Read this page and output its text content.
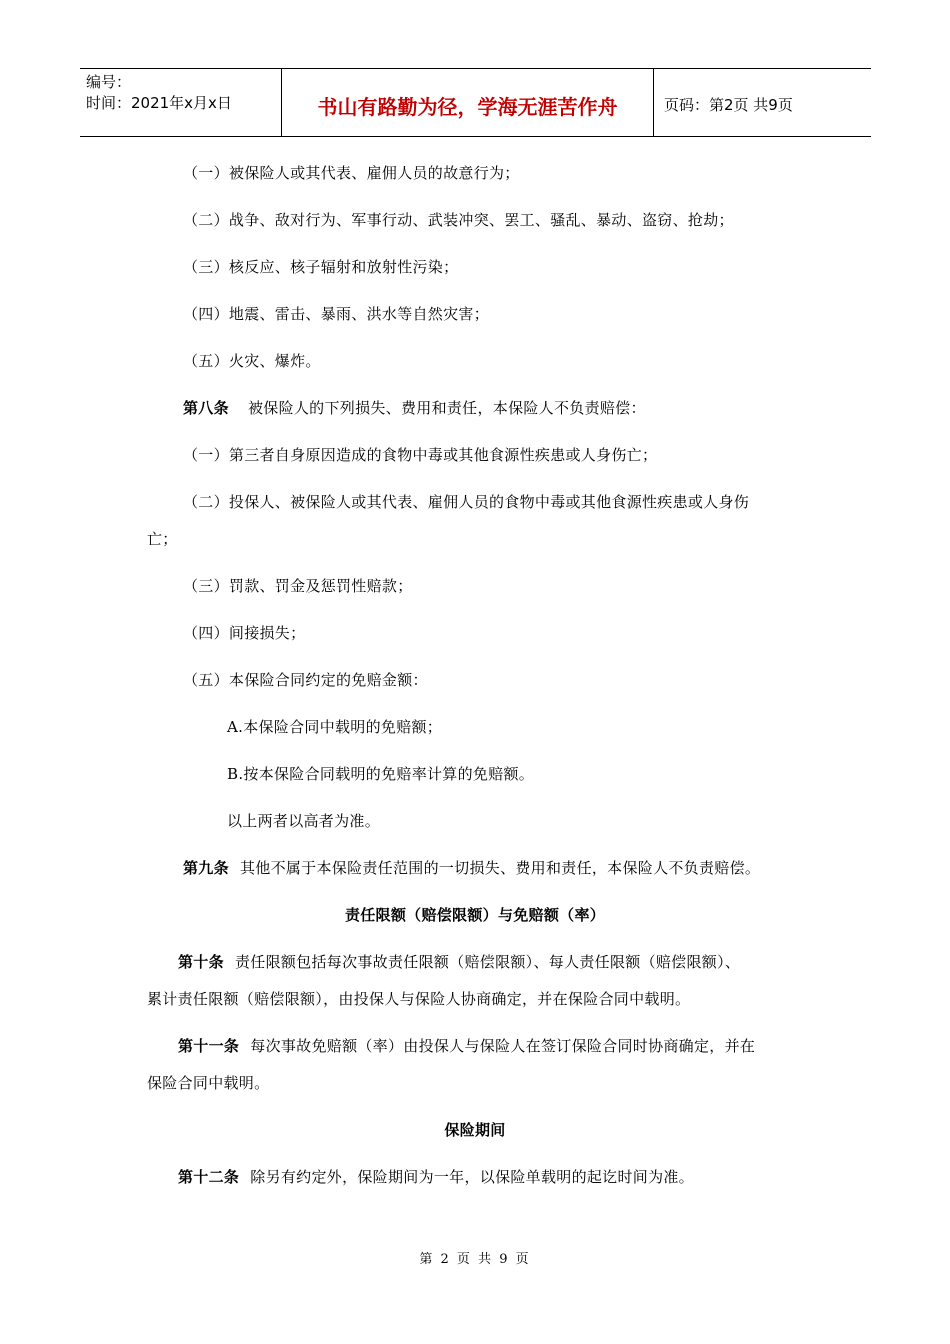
编号：
时间：2021年x月x日	书山有路勤为径，学海无涯苦作舟	页码：第2页 共9页
（一）被保险人或其代表、雇佣人员的故意行为；
（二）战争、敌对行为、军事行动、武装冲突、罢工、骚乱、暴动、盗窃、抢劫；
（三）核反应、核子辐射和放射性污染；
（四）地震、雷击、暴雨、洪水等自然灾害；
（五）火灾、爆炸。
第八条 被保险人的下列损失、费用和责任，本保险人不负责赔偿：
（一）第三者自身原因造成的食物中毒或其他食源性疾患或人身伤亡；
（二）投保人、被保险人或其代表、雇佣人员的食物中毒或其他食源性疾患或人身伤
亡；
（三）罚款、罚金及惩罚性赔款；
（四）间接损失；
（五）本保险合同约定的免赔金额：
A.本保险合同中载明的免赔额；
B.按本保险合同载明的免赔率计算的免赔额。
以上两者以高者为准。
第九条 其他不属于本保险责任范围的一切损失、费用和责任，本保险人不负责赔偿。
责任限额（赔偿限额）与免赔额（率）
第十条 责任限额包括每次事故责任限额（赔偿限额）、每人责任限额（赔偿限额）、
累计责任限额（赔偿限额），由投保人与保险人协商确定，并在保险合同中载明。
第十一条 每次事故免赔额（率）由投保人与保险人在签订保险合同时协商确定，并在
保险合同中载明。
保险期间
第十二条 除另有约定外，保险期间为一年，以保险单载明的起讫时间为准。
第 2 页 共 9 页
